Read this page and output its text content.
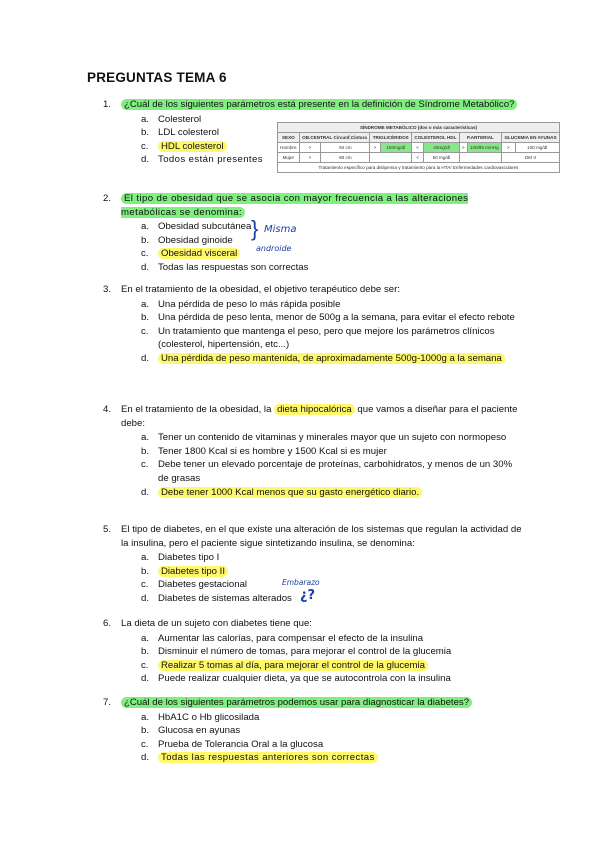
PREGUNTAS TEMA 6
1.	¿Cuál de los siguientes parámetros está presente en la definición de Síndrome Metabólico?
a. Colesterol
b. LDL colesterol
c. HDL colesterol
d. Todos están presentes
SÍNDROME METABÓLICO (dos o más características)										
SEXO	OB.CENTRAL Circunf.Cintura		TRIGLICÉRIDOS		COLESTEROL HDL		P.ARTERIAL		GLUCEMIA EN AYUNAS	
Hombre	>	94 cm	>	150mg/dl	<	40mg/dl	>	130/85 mmHg	>	100 mg/dl
Mujer	>	80 cm			<	50 mg/dl			DM II	
Tratamiento específico para dislipemia y tratamiento para la HTA/ Enfermedades cardiovasculares										
2.	El tipo de obesidad que se asocia con mayor frecuencia a las alteraciones metabólicas se denomina:
a. Obesidad subcutánea
b. Obesidad ginoide
c. Obesidad visceral
d. Todas las respuestas son correctas
} Misma
androide
3.	En el tratamiento de la obesidad, el objetivo terapéutico debe ser:
a. Una pérdida de peso lo más rápida posible
b. Una pérdida de peso lenta, menor de 500g a la semana, para evitar el efecto rebote
c. Un tratamiento que mantenga el peso, pero que mejore los parámetros clínicos (colesterol, hipertensión, etc...)
d. Una pérdida de peso mantenida, de aproximadamente 500g-1000g a la semana
4.	En el tratamiento de la obesidad, la dieta hipocalórica que vamos a diseñar para el paciente debe:
a. Tener un contenido de vitaminas y minerales mayor que un sujeto con normopeso
b. Tener 1800 Kcal si es hombre y 1500 Kcal si es mujer
c. Debe tener un elevado porcentaje de proteínas, carbohidratos, y menos de un 30% de grasas
d. Debe tener 1000 Kcal menos que su gasto energético diario.
5.	El tipo de diabetes, en el que existe una alteración de los sistemas que regulan la actividad de la insulina, pero el paciente sigue sintetizando insulina, se denomina:
a. Diabetes tipo I
b. Diabetes tipo II
c. Diabetes gestacional
d. Diabetes de sistemas alterados
Embarazo
¿?
6.	La dieta de un sujeto con diabetes tiene que:
a. Aumentar las calorías, para compensar el efecto de la insulina
b. Disminuir el número de tomas, para mejorar el control de la glucemia
c. Realizar 5 tomas al día, para mejorar el control de la glucemia
d. Puede realizar cualquier dieta, ya que se autocontrola con la insulina
7.	¿Cuál de los siguientes parámetros podemos usar para diagnosticar la diabetes?
a. HbA1C o Hb glicosilada
b. Glucosa en ayunas
c. Prueba de Tolerancia Oral a la glucosa
d. Todas las respuestas anteriores son correctas
